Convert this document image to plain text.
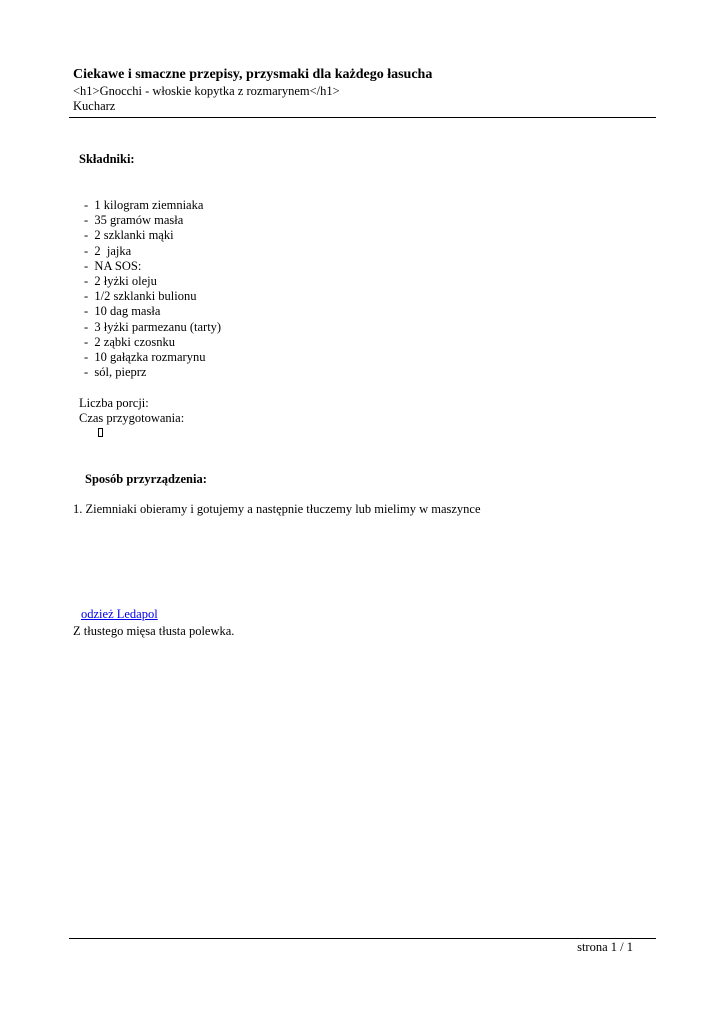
Ciekawe i smaczne przepisy, przysmaki dla każdego łasucha
<h1>Gnocchi - włoskie kopytka z rozmarynem</h1>
Kucharz
Składniki:
-  1 kilogram ziemniaka
-  35 gramów masła
-  2 szklanki mąki
-  2  jajka
-  NA SOS:
-  2 łyżki oleju
-  1/2 szklanki bulionu
-  10 dag masła
-  3 łyżki parmezanu (tarty)
-  2 ząbki czosnku
-  10 gałązka rozmarynu
-  sól, pieprz
Liczba porcji:
Czas przygotowania:
Sposób przyrządzenia:
1. Ziemniaki obieramy i gotujemy a następnie tłuczemy lub mielimy w maszynce
odzież Ledapol
Z tłustego mięsa tłusta polewka.
strona 1 / 1
